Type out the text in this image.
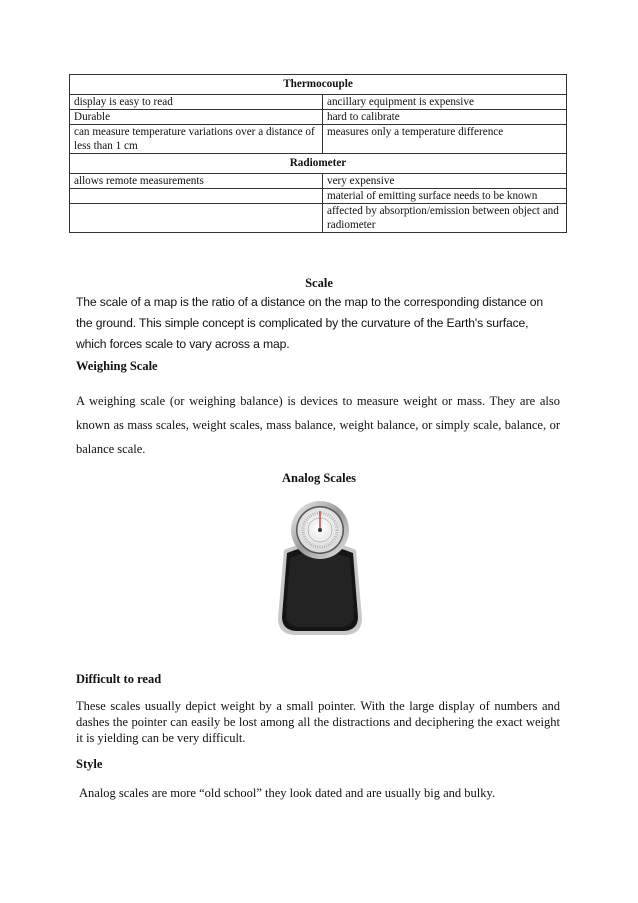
Thermocouple	
display is easy to read	ancillary equipment is expensive
Durable	hard to calibrate
can measure temperature variations over a distance of less than 1 cm	measures only a temperature difference
Radiometer	
allows remote measurements	very expensive
	material of emitting surface needs to be known
	affected by absorption/emission between object and radiometer
Scale
The scale of a map is the ratio of a distance on the map to the corresponding distance on the ground. This simple concept is complicated by the curvature of the Earth's surface, which forces scale to vary across a map.
Weighing Scale
A weighing scale (or weighing balance) is devices to measure weight or mass. They are also known as mass scales, weight scales, mass balance, weight balance, or simply scale, balance, or balance scale.
Analog Scales
Difficult to read
These scales usually depict weight by a small pointer. With the large display of numbers and dashes the pointer can easily be lost among all the distractions and deciphering the exact weight it is yielding can be very difficult.
Style
Analog scales are more “old school” they look dated and are usually big and bulky.
